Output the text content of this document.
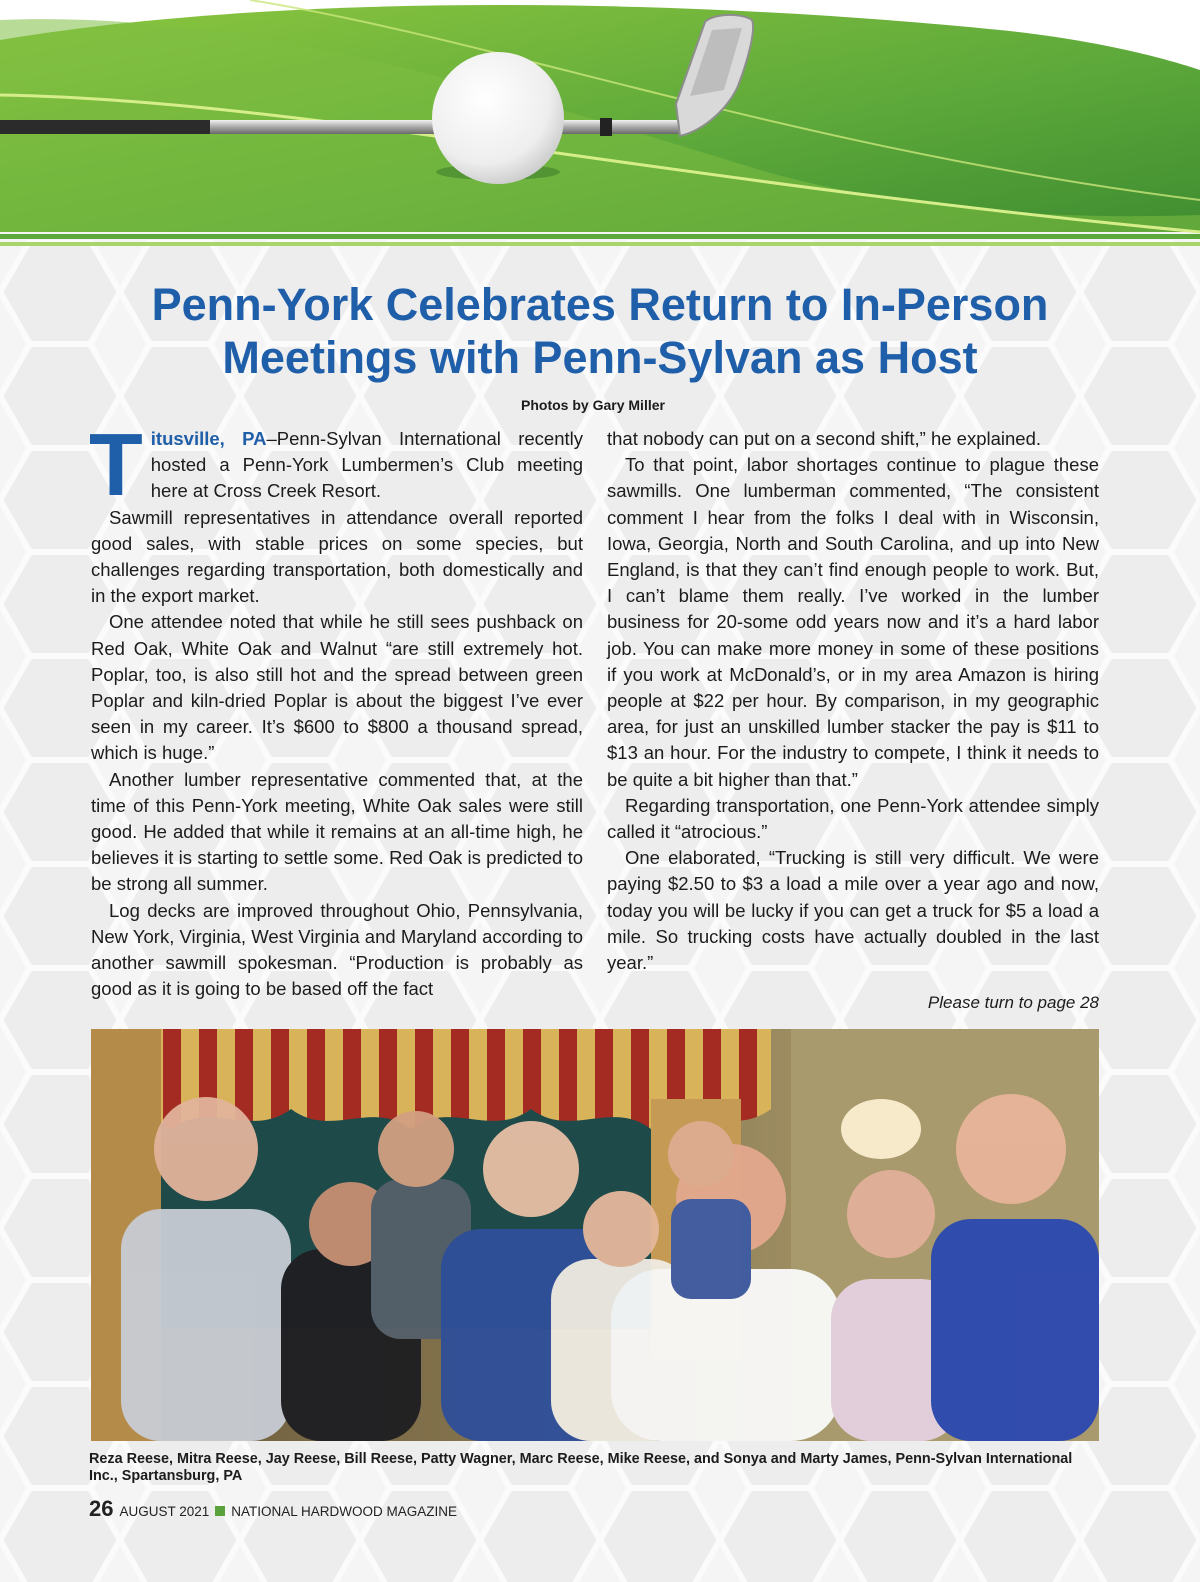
Penn-York Celebrates Return to In-Person
Meetings with Penn-Sylvan as Host
Photos by Gary Miller

Titusville, PA–Penn-Sylvan International recently hosted a Penn-York Lumbermen’s Club meeting here at Cross Creek Resort.

Sawmill representatives in attendance overall reported good sales, with stable prices on some species, but challenges regarding transportation, both domestically and in the export market.

One attendee noted that while he still sees pushback on Red Oak, White Oak and Walnut “are still extremely hot. Poplar, too, is also still hot and the spread between green Poplar and kiln-dried Poplar is about the biggest I’ve ever seen in my career. It’s $600 to $800 a thousand spread, which is huge.”

Another lumber representative commented that, at the time of this Penn-York meeting, White Oak sales were still good. He added that while it remains at an all-time high, he believes it is starting to settle some. Red Oak is predicted to be strong all summer.

Log decks are improved throughout Ohio, Pennsylvania, New York, Virginia, West Virginia and Maryland according to another sawmill spokesman. “Production is probably as good as it is going to be based off the fact

that nobody can put on a second shift,” he explained.

To that point, labor shortages continue to plague these sawmills. One lumberman commented, “The consistent comment I hear from the folks I deal with in Wisconsin, Iowa, Georgia, North and South Carolina, and up into New England, is that they can’t find enough people to work. But, I can’t blame them really. I’ve worked in the lumber business for 20-some odd years now and it’s a hard labor job. You can make more money in some of these positions if you work at McDonald’s, or in my area Amazon is hiring people at $22 per hour. By comparison, in my geographic area, for just an unskilled lumber stacker the pay is $11 to $13 an hour. For the industry to compete, I think it needs to be quite a bit higher than that.”

Regarding transportation, one Penn-York attendee simply called it “atrocious.”

One elaborated, “Trucking is still very difficult. We were paying $2.50 to $3 a load a mile over a year ago and now, today you will be lucky if you can get a truck for $5 a load a mile. So trucking costs have actually doubled in the last year.”

Please turn to page 28
Reza Reese, Mitra Reese, Jay Reese, Bill Reese, Patty Wagner, Marc Reese, Mike Reese, and Sonya and Marty James, Penn-Sylvan International Inc., Spartansburg, PA
26 AUGUST 2021 NATIONAL HARDWOOD MAGAZINE
